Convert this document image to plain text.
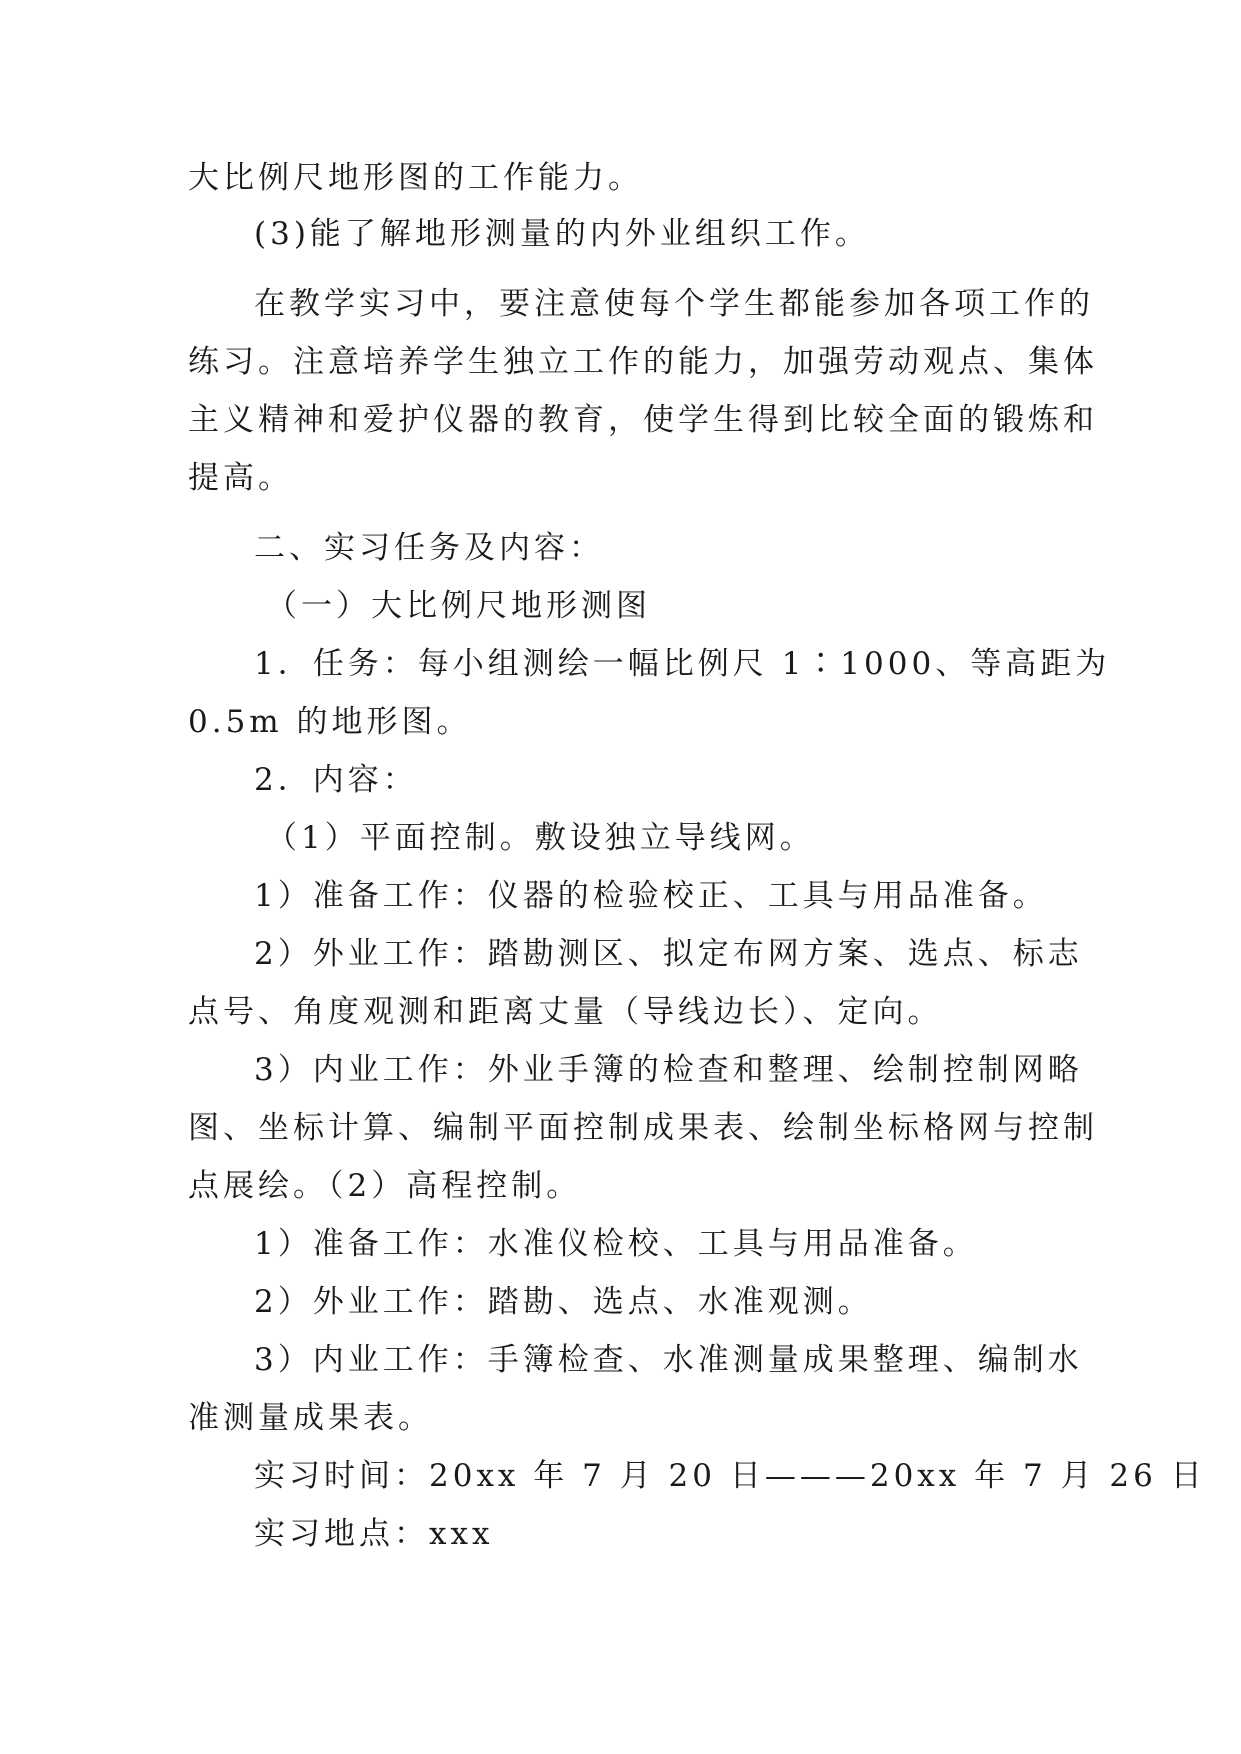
大比例尺地形图的工作能力。
(3)能了解地形测量的内外业组织工作。
在教学实习中，要注意使每个学生都能参加各项工作的
练习。注意培养学生独立工作的能力，加强劳动观点、集体
主义精神和爱护仪器的教育，使学生得到比较全面的锻炼和
提高。
二、实习任务及内容：
（一）大比例尺地形测图
1．任务：每小组测绘一幅比例尺 1∶1000、等高距为
0.5m 的地形图。
2．内容：
（1）平面控制。敷设独立导线网。
1）准备工作：仪器的检验校正、工具与用品准备。
2）外业工作：踏勘测区、拟定布网方案、选点、标志
点号、角度观测和距离丈量（导线边长）、定向。
3）内业工作：外业手簿的检查和整理、绘制控制网略
图、坐标计算、编制平面控制成果表、绘制坐标格网与控制
点展绘。（2）高程控制。
1）准备工作：水准仪检校、工具与用品准备。
2）外业工作：踏勘、选点、水准观测。
3）内业工作：手簿检查、水准测量成果整理、编制水
准测量成果表。
实习时间：20xx 年 7 月 20 日———20xx 年 7 月 26 日
实习地点：xxx
